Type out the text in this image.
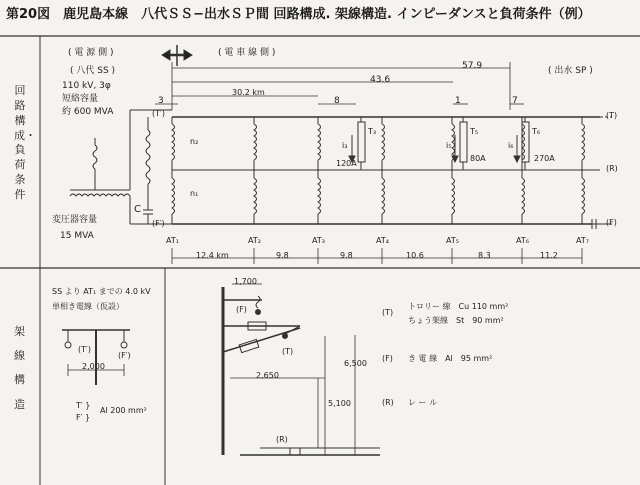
第20図　鹿児島本線　八代ＳＳ−出水ＳＰ間 回路構成. 架線構造. インピーダンスと負荷条件（例）
回路構成・負荷条件
架線構造
( 電 源 側 )	( 電 車 線 側 )
( 八代 SS )
110 kV, 3φ
短絡容量
約 600 MVA
変圧器容量
15 MVA
C
( 出水 SP )
57.9
43.6
30.2 km
3	8	1	7
(T′)
(F′)
(T)
(R)
(F)
n₂
n₁
T₃	T₅	T₆
i₃	i₅	i₆
120A
80A	270A
AT₁	AT₂	AT₃	AT₄	AT₅	AT₆	AT₇
12.4 km	9.8	9.8	10.6	8.3	11.2
SS より AT₁ までの 4.0 kV
単相き電線（仮設）
(T′)
(F′)
2,000
T′ }
F′ }
Al 200 mm²
1,700
(F)
(T)
(R)
2,650
5,100
6,500
(T)
トロリー 線　Cu 110 mm²
ちょう架線　St　90 mm²
(F) き 電 線　Al　95 mm²
(R) レ ー ル
